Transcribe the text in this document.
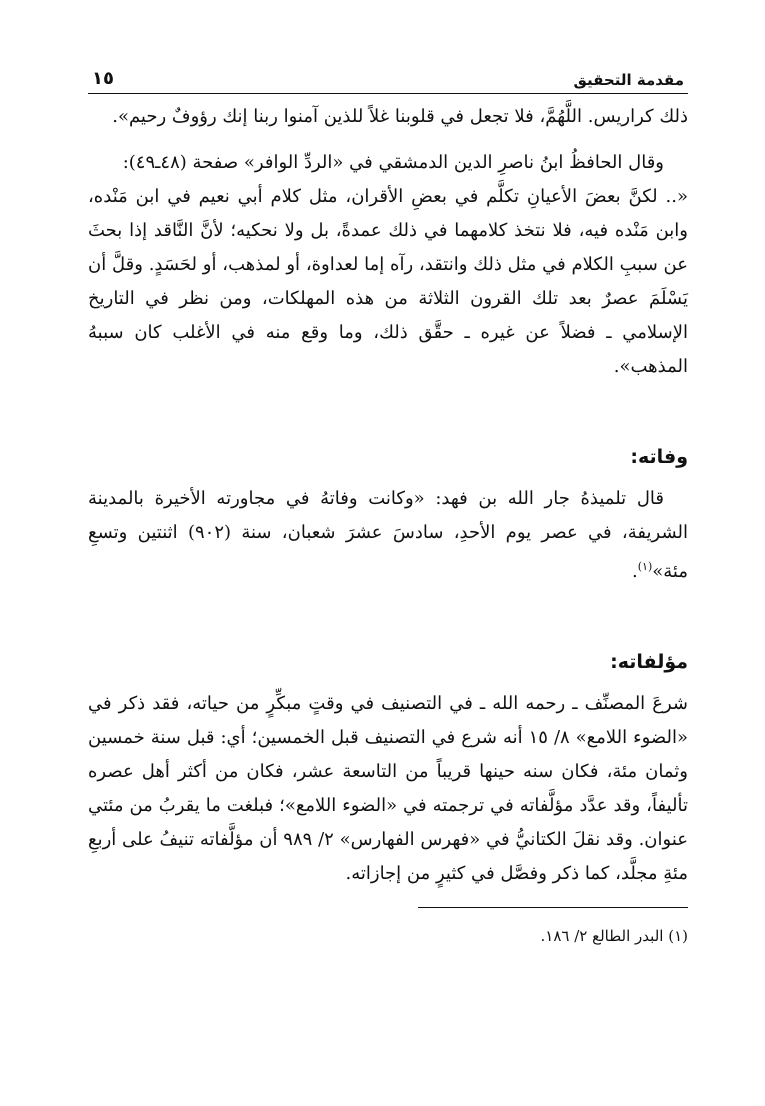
مقدمة التحقيق
١٥

ذلك كراريس. اللَّهُمَّ، فلا تجعل في قلوبنا غلاً للذين آمنوا ربنا إنك رؤوفٌ رحيم».

وقال الحافظُ ابنُ ناصرِ الدين الدمشقي في «الردِّ الوافر» صفحة (٤٨ـ٤٩):

«.. لكنَّ بعضَ الأعيانِ تكلَّم في بعضِ الأقران، مثل كلام أبي نعيم في ابن مَنْده، وابن مَنْده فيه، فلا نتخذ كلامهما في ذلك عمدةً، بل ولا نحكيه؛ لأنَّ النَّاقد إذا بحثَ عن سببِ الكلام في مثل ذلك وانتقد، رآه إما لعداوة، أو لمذهب، أو لحَسَدٍ. وقلَّ أن يَسْلَمَ عصرٌ بعد تلك القرون الثلاثة من هذه المهلكات، ومن نظر في التاريخ الإسلامي ـ فضلاً عن غيره ـ حقَّق ذلك، وما وقع منه في الأغلب كان سببهُ المذهب».

وفاته:

قال تلميذهُ جار الله بن فهد: «وكانت وفاتهُ في مجاورته الأخيرة بالمدينة الشريفة، في عصر يوم الأحدِ، سادسَ عشرَ شعبان، سنة (٩٠٢) اثنتين وتسعِ مئة»$^{(١)}$.

مؤلفاته:

شرعَ المصنِّف ـ رحمه الله ـ في التصنيف في وقتٍ مبكِّرٍ من حياته، فقد ذكر في «الضوء اللامع» ٨/ ١٥ أنه شرع في التصنيف قبل الخمسين؛ أي: قبل سنة خمسين وثمان مئة، فكان سنه حينها قريباً من التاسعة عشر، فكان من أكثر أهل عصره تأليفاً، وقد عدَّد مؤلَّفاته في ترجمته في «الضوء اللامع»؛ فبلغت ما يقربُ من مئتي عنوان. وقد نقلَ الكتانيُّ في «فهرس الفهارس» ٢/ ٩٨٩ أن مؤلَّفاته تنيفُ على أربعِ مئةِ مجلَّد، كما ذكر وفصَّل في كثيرٍ من إجازاته.

(١) البدر الطالع ٢/ ١٨٦.
